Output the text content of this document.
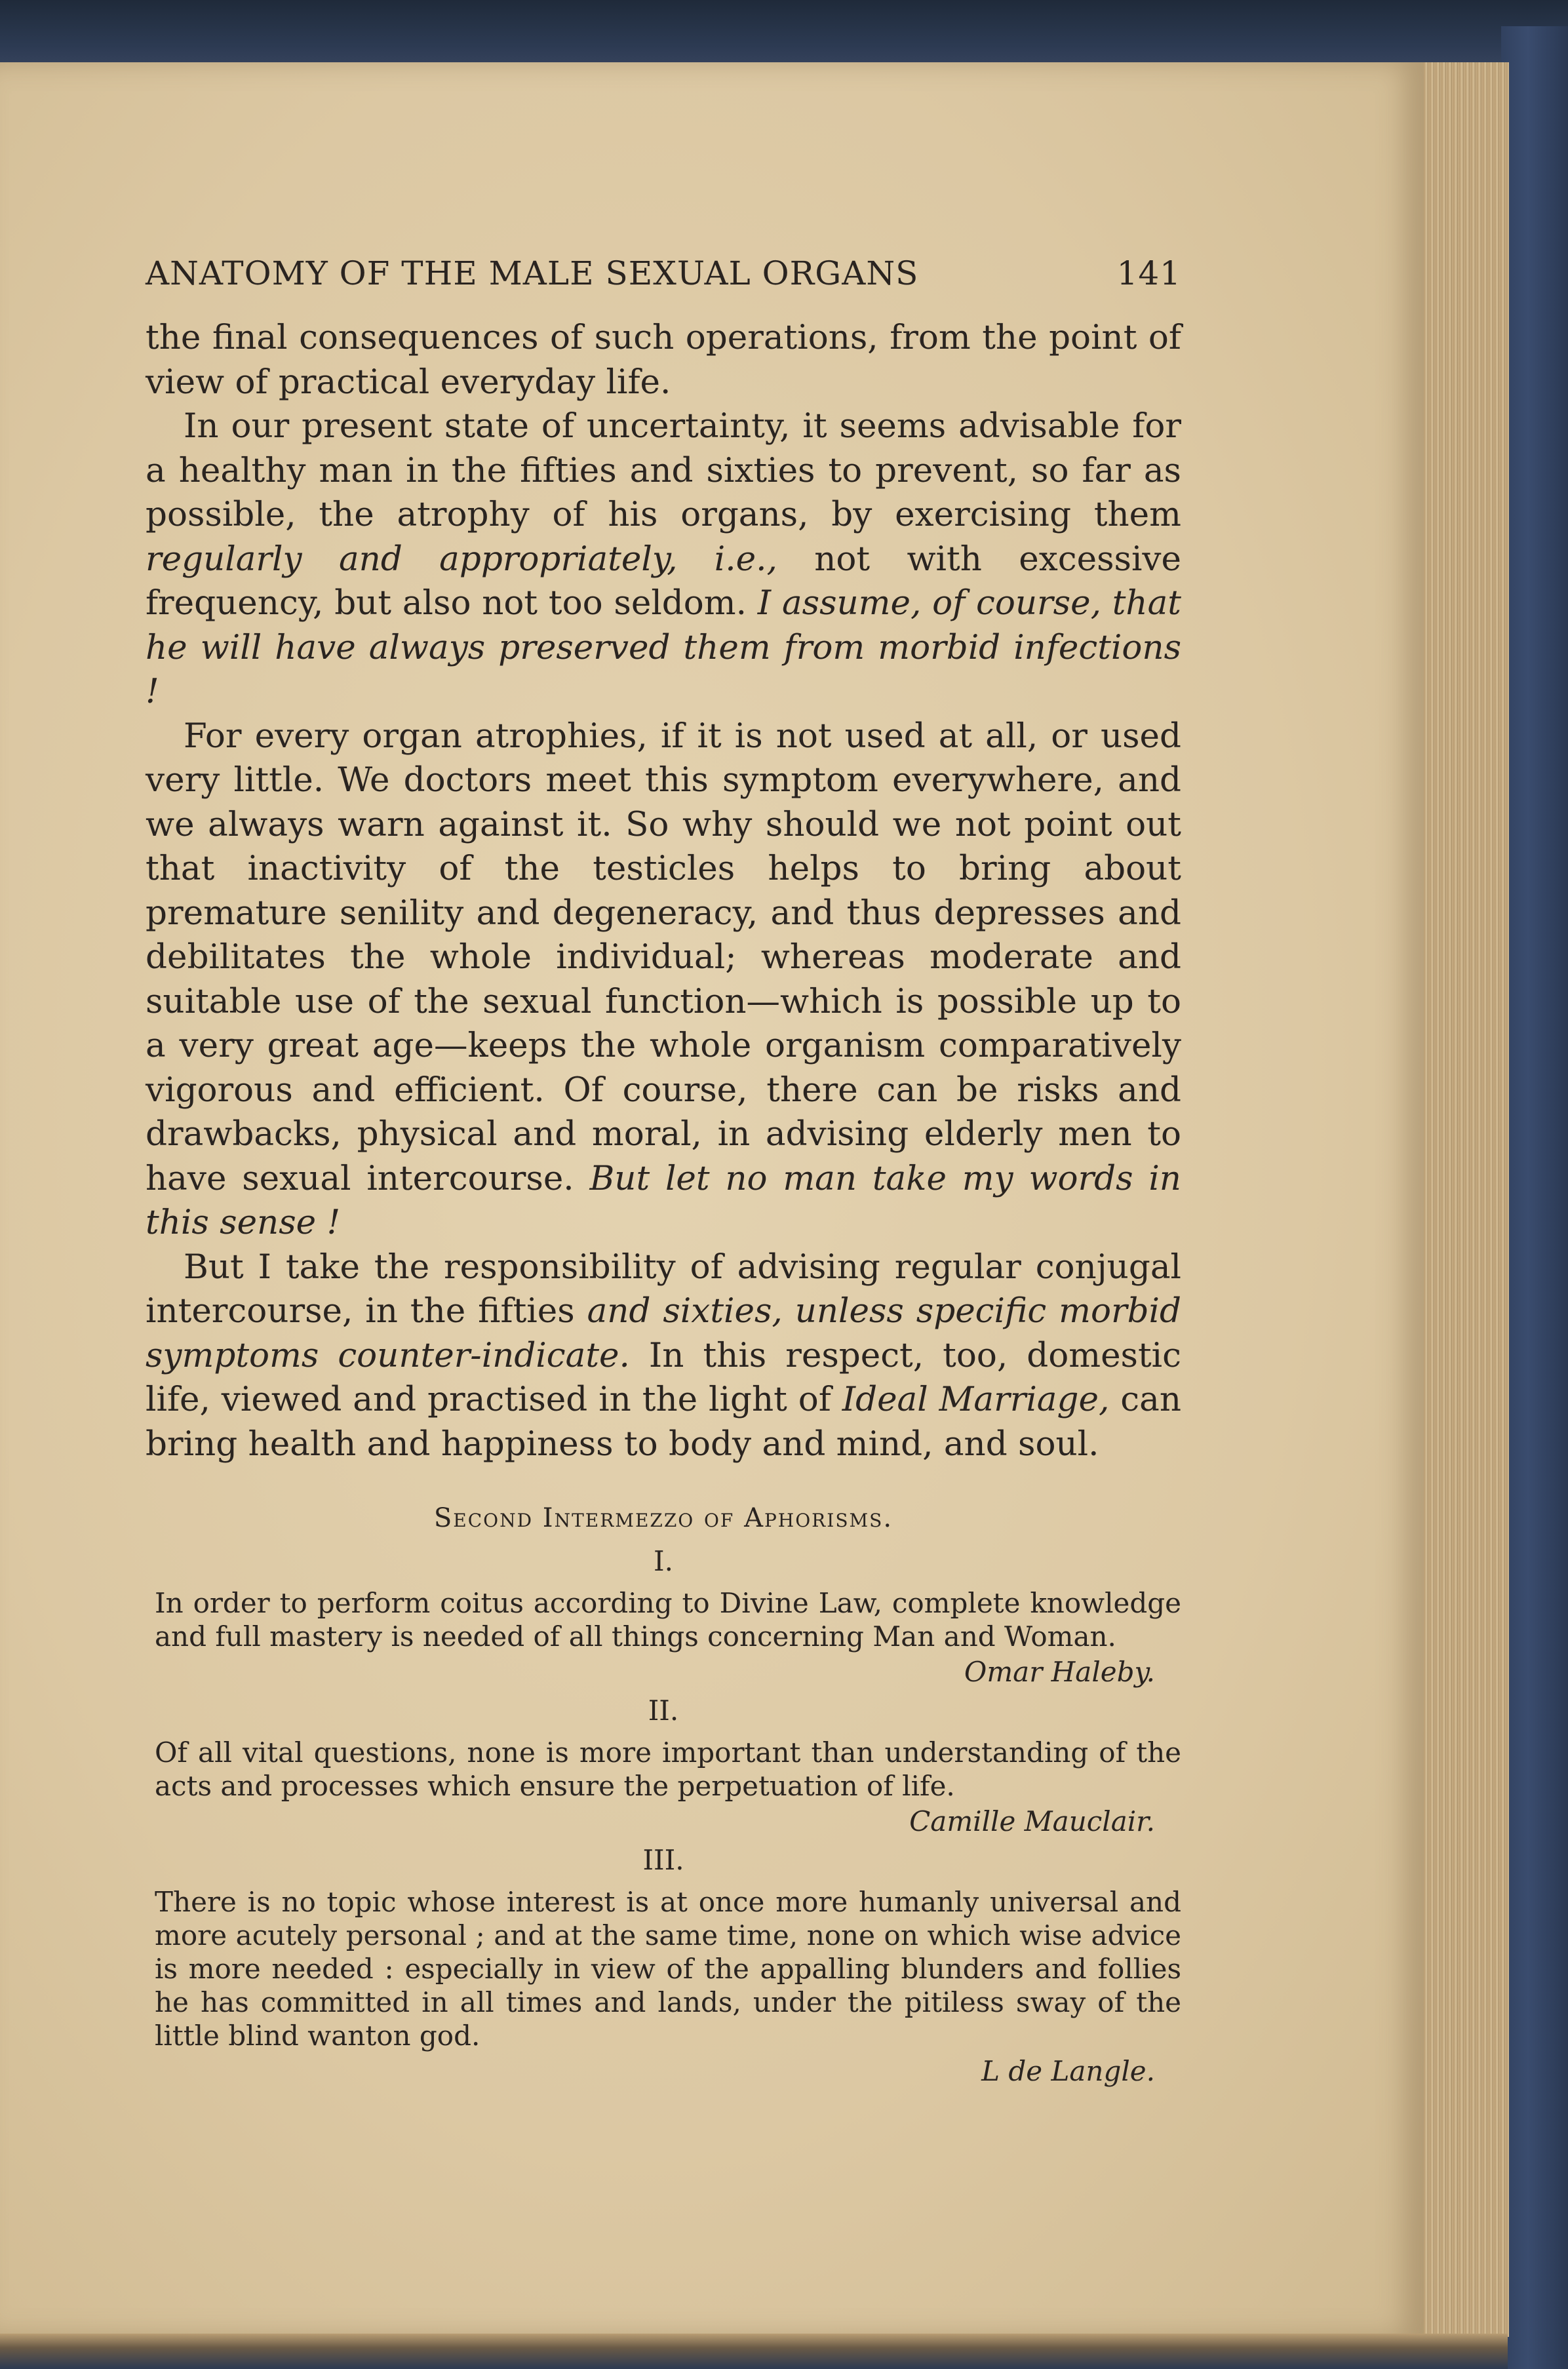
ANATOMY OF THE MALE SEXUAL ORGANS	141

the final consequences of such operations, from the point of view of practical everyday life.

In our present state of uncertainty, it seems advisable for a healthy man in the fifties and sixties to prevent, so far as possible, the atrophy of his organs, by exercising them regularly and appropriately, i.e., not with excessive frequency, but also not too seldom. I assume, of course, that he will have always preserved them from morbid infections !

For every organ atrophies, if it is not used at all, or used very little. We doctors meet this symptom everywhere, and we always warn against it. So why should we not point out that inactivity of the testicles helps to bring about premature senility and degeneracy, and thus depresses and debilitates the whole individual; whereas moderate and suitable use of the sexual function—which is possible up to a very great age—keeps the whole organism comparatively vigorous and efficient. Of course, there can be risks and drawbacks, physical and moral, in advising elderly men to have sexual intercourse. But let no man take my words in this sense !

But I take the responsibility of advising regular conjugal intercourse, in the fifties and sixties, unless specific morbid symptoms counter-indicate. In this respect, too, domestic life, viewed and practised in the light of Ideal Marriage, can bring health and happiness to body and mind, and soul.

Second Intermezzo of Aphorisms.
I.

In order to perform coitus according to Divine Law, complete knowledge and full mastery is needed of all things concerning Man and Woman.

Omar Haleby.
II.

Of all vital questions, none is more important than understanding of the acts and processes which ensure the perpetuation of life.

Camille Mauclair.
III.

There is no topic whose interest is at once more humanly universal and more acutely personal ; and at the same time, none on which wise advice is more needed : especially in view of the appalling blunders and follies he has committed in all times and lands, under the pitiless sway of the little blind wanton god.

L de Langle.
